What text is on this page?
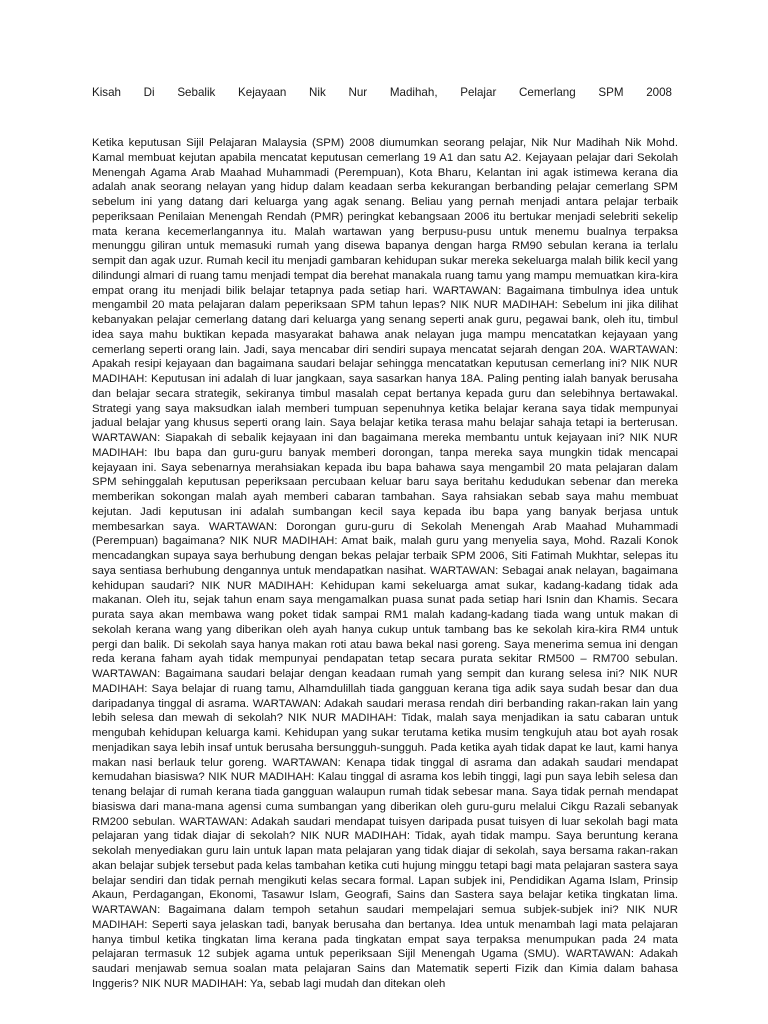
Kisah Di Sebalik Kejayaan Nik Nur Madihah, Pelajar Cemerlang SPM 2008

Ketika keputusan Sijil Pelajaran Malaysia (SPM) 2008 diumumkan seorang pelajar, Nik Nur Madihah Nik Mohd. Kamal membuat kejutan apabila mencatat keputusan cemerlang 19 A1 dan satu A2. Kejayaan pelajar dari Sekolah Menengah Agama Arab Maahad Muhammadi (Perempuan), Kota Bharu, Kelantan ini agak istimewa kerana dia adalah anak seorang nelayan yang hidup dalam keadaan serba kekurangan berbanding pelajar cemerlang SPM sebelum ini yang datang dari keluarga yang agak senang. Beliau yang pernah menjadi antara pelajar terbaik peperiksaan Penilaian Menengah Rendah (PMR) peringkat kebangsaan 2006 itu bertukar menjadi selebriti sekelip mata kerana kecemerlangannya itu. Malah wartawan yang berpusu-pusu untuk menemu bualnya terpaksa menunggu giliran untuk memasuki rumah yang disewa bapanya dengan harga RM90 sebulan kerana ia terlalu sempit dan agak uzur. Rumah kecil itu menjadi gambaran kehidupan sukar mereka sekeluarga malah bilik kecil yang dilindungi almari di ruang tamu menjadi tempat dia berehat manakala ruang tamu yang mampu memuatkan kira-kira empat orang itu menjadi bilik belajar tetapnya pada setiap hari. WARTAWAN: Bagaimana timbulnya idea untuk mengambil 20 mata pelajaran dalam peperiksaan SPM tahun lepas? NIK NUR MADIHAH: Sebelum ini jika dilihat kebanyakan pelajar cemerlang datang dari keluarga yang senang seperti anak guru, pegawai bank, oleh itu, timbul idea saya mahu buktikan kepada masyarakat bahawa anak nelayan juga mampu mencatatkan kejayaan yang cemerlang seperti orang lain. Jadi, saya mencabar diri sendiri supaya mencatat sejarah dengan 20A. WARTAWAN: Apakah resipi kejayaan dan bagaimana saudari belajar sehingga mencatatkan keputusan cemerlang ini? NIK NUR MADIHAH: Keputusan ini adalah di luar jangkaan, saya sasarkan hanya 18A. Paling penting ialah banyak berusaha dan belajar secara strategik, sekiranya timbul masalah cepat bertanya kepada guru dan selebihnya bertawakal. Strategi yang saya maksudkan ialah memberi tumpuan sepenuhnya ketika belajar kerana saya tidak mempunyai jadual belajar yang khusus seperti orang lain. Saya belajar ketika terasa mahu belajar sahaja tetapi ia berterusan. WARTAWAN: Siapakah di sebalik kejayaan ini dan bagaimana mereka membantu untuk kejayaan ini? NIK NUR MADIHAH: Ibu bapa dan guru-guru banyak memberi dorongan, tanpa mereka saya mungkin tidak mencapai kejayaan ini. Saya sebenarnya merahsiakan kepada ibu bapa bahawa saya mengambil 20 mata pelajaran dalam SPM sehinggalah keputusan peperiksaan percubaan keluar baru saya beritahu kedudukan sebenar dan mereka memberikan sokongan malah ayah memberi cabaran tambahan. Saya rahsiakan sebab saya mahu membuat kejutan. Jadi keputusan ini adalah sumbangan kecil saya kepada ibu bapa yang banyak berjasa untuk membesarkan saya. WARTAWAN: Dorongan guru-guru di Sekolah Menengah Arab Maahad Muhammadi (Perempuan) bagaimana? NIK NUR MADIHAH: Amat baik, malah guru yang menyelia saya, Mohd. Razali Konok mencadangkan supaya saya berhubung dengan bekas pelajar terbaik SPM 2006, Siti Fatimah Mukhtar, selepas itu saya sentiasa berhubung dengannya untuk mendapatkan nasihat. WARTAWAN: Sebagai anak nelayan, bagaimana kehidupan saudari? NIK NUR MADIHAH: Kehidupan kami sekeluarga amat sukar, kadang-kadang tidak ada makanan. Oleh itu, sejak tahun enam saya mengamalkan puasa sunat pada setiap hari Isnin dan Khamis. Secara purata saya akan membawa wang poket tidak sampai RM1 malah kadang-kadang tiada wang untuk makan di sekolah kerana wang yang diberikan oleh ayah hanya cukup untuk tambang bas ke sekolah kira-kira RM4 untuk pergi dan balik. Di sekolah saya hanya makan roti atau bawa bekal nasi goreng. Saya menerima semua ini dengan reda kerana faham ayah tidak mempunyai pendapatan tetap secara purata sekitar RM500 – RM700 sebulan. WARTAWAN: Bagaimana saudari belajar dengan keadaan rumah yang sempit dan kurang selesa ini? NIK NUR MADIHAH: Saya belajar di ruang tamu, Alhamdulillah tiada gangguan kerana tiga adik saya sudah besar dan dua daripadanya tinggal di asrama. WARTAWAN: Adakah saudari merasa rendah diri berbanding rakan-rakan lain yang lebih selesa dan mewah di sekolah? NIK NUR MADIHAH: Tidak, malah saya menjadikan ia satu cabaran untuk mengubah kehidupan keluarga kami. Kehidupan yang sukar terutama ketika musim tengkujuh atau bot ayah rosak menjadikan saya lebih insaf untuk berusaha bersungguh-sungguh. Pada ketika ayah tidak dapat ke laut, kami hanya makan nasi berlauk telur goreng. WARTAWAN: Kenapa tidak tinggal di asrama dan adakah saudari mendapat kemudahan biasiswa? NIK NUR MADIHAH: Kalau tinggal di asrama kos lebih tinggi, lagi pun saya lebih selesa dan tenang belajar di rumah kerana tiada gangguan walaupun rumah tidak sebesar mana. Saya tidak pernah mendapat biasiswa dari mana-mana agensi cuma sumbangan yang diberikan oleh guru-guru melalui Cikgu Razali sebanyak RM200 sebulan. WARTAWAN: Adakah saudari mendapat tuisyen daripada pusat tuisyen di luar sekolah bagi mata pelajaran yang tidak diajar di sekolah? NIK NUR MADIHAH: Tidak, ayah tidak mampu. Saya beruntung kerana sekolah menyediakan guru lain untuk lapan mata pelajaran yang tidak diajar di sekolah, saya bersama rakan-rakan akan belajar subjek tersebut pada kelas tambahan ketika cuti hujung minggu tetapi bagi mata pelajaran sastera saya belajar sendiri dan tidak pernah mengikuti kelas secara formal. Lapan subjek ini, Pendidikan Agama Islam, Prinsip Akaun, Perdagangan, Ekonomi, Tasawur Islam, Geografi, Sains dan Sastera saya belajar ketika tingkatan lima. WARTAWAN: Bagaimana dalam tempoh setahun saudari mempelajari semua subjek-subjek ini? NIK NUR MADIHAH: Seperti saya jelaskan tadi, banyak berusaha dan bertanya. Idea untuk menambah lagi mata pelajaran hanya timbul ketika tingkatan lima kerana pada tingkatan empat saya terpaksa menumpukan pada 24 mata pelajaran termasuk 12 subjek agama untuk peperiksaan Sijil Menengah Ugama (SMU). WARTAWAN: Adakah saudari menjawab semua soalan mata pelajaran Sains dan Matematik seperti Fizik dan Kimia dalam bahasa Inggeris? NIK NUR MADIHAH: Ya, sebab lagi mudah dan ditekan oleh
